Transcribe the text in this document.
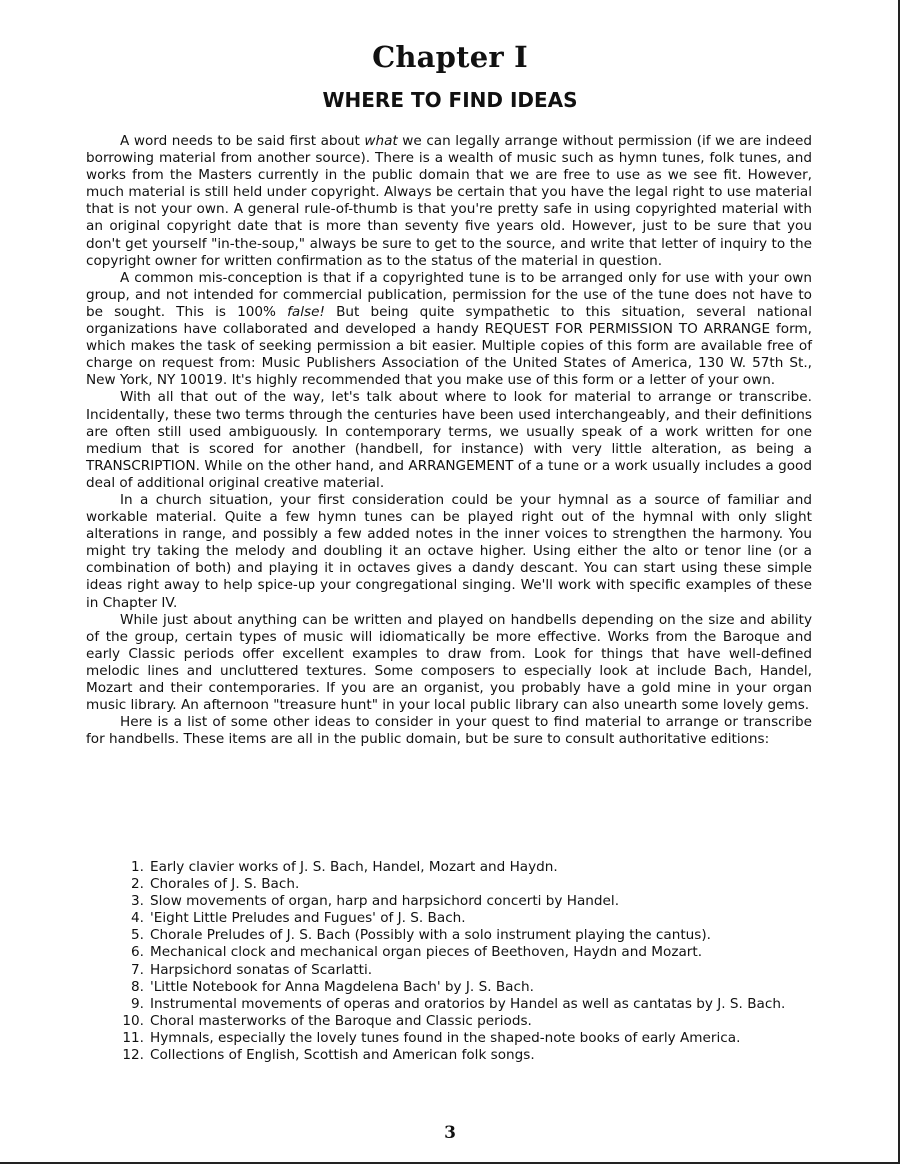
Chapter I
WHERE TO FIND IDEAS

A word needs to be said first about what we can legally arrange without permission (if we are indeed borrowing material from another source). There is a wealth of music such as hymn tunes, folk tunes, and works from the Masters currently in the public domain that we are free to use as we see fit. However, much material is still held under copyright. Always be certain that you have the legal right to use material that is not your own. A general rule-of-thumb is that you're pretty safe in using copyrighted material with an original copyright date that is more than seventy five years old. However, just to be sure that you don't get yourself "in-the-soup," always be sure to get to the source, and write that letter of inquiry to the copyright owner for written confirmation as to the status of the material in question.

A common mis-conception is that if a copyrighted tune is to be arranged only for use with your own group, and not intended for commercial publication, permission for the use of the tune does not have to be sought. This is 100% false! But being quite sympathetic to this situation, several national organizations have collaborated and developed a handy REQUEST FOR PERMISSION TO ARRANGE form, which makes the task of seeking permission a bit easier. Multiple copies of this form are available free of charge on request from: Music Publishers Association of the United States of America, 130 W. 57th St., New York, NY 10019. It's highly recommended that you make use of this form or a letter of your own.

With all that out of the way, let's talk about where to look for material to arrange or transcribe. Incidentally, these two terms through the centuries have been used interchangeably, and their definitions are often still used ambiguously. In contemporary terms, we usually speak of a work written for one medium that is scored for another (handbell, for instance) with very little alteration, as being a TRANSCRIPTION. While on the other hand, and ARRANGEMENT of a tune or a work usually includes a good deal of additional original creative material.

In a church situation, your first consideration could be your hymnal as a source of familiar and workable material. Quite a few hymn tunes can be played right out of the hymnal with only slight alterations in range, and possibly a few added notes in the inner voices to strengthen the harmony. You might try taking the melody and doubling it an octave higher. Using either the alto or tenor line (or a combination of both) and playing it in octaves gives a dandy descant. You can start using these simple ideas right away to help spice-up your congregational singing. We'll work with specific examples of these in Chapter IV.

While just about anything can be written and played on handbells depending on the size and ability of the group, certain types of music will idiomatically be more effective. Works from the Baroque and early Classic periods offer excellent examples to draw from. Look for things that have well-defined melodic lines and uncluttered textures. Some composers to especially look at include Bach, Handel, Mozart and their contemporaries. If you are an organist, you probably have a gold mine in your organ music library. An afternoon "treasure hunt" in your local public library can also unearth some lovely gems.

Here is a list of some other ideas to consider in your quest to find material to arrange or transcribe for handbells. These items are all in the public domain, but be sure to consult authoritative editions:

1. Early clavier works of J. S. Bach, Handel, Mozart and Haydn.
2. Chorales of J. S. Bach.
3. Slow movements of organ, harp and harpsichord concerti by Handel.
4. 'Eight Little Preludes and Fugues' of J. S. Bach.
5. Chorale Preludes of J. S. Bach (Possibly with a solo instrument playing the cantus).
6. Mechanical clock and mechanical organ pieces of Beethoven, Haydn and Mozart.
7. Harpsichord sonatas of Scarlatti.
8. 'Little Notebook for Anna Magdelena Bach' by J. S. Bach.
9. Instrumental movements of operas and oratorios by Handel as well as cantatas by J. S. Bach.
10. Choral masterworks of the Baroque and Classic periods.
11. Hymnals, especially the lovely tunes found in the shaped-note books of early America.
12. Collections of English, Scottish and American folk songs.
3
